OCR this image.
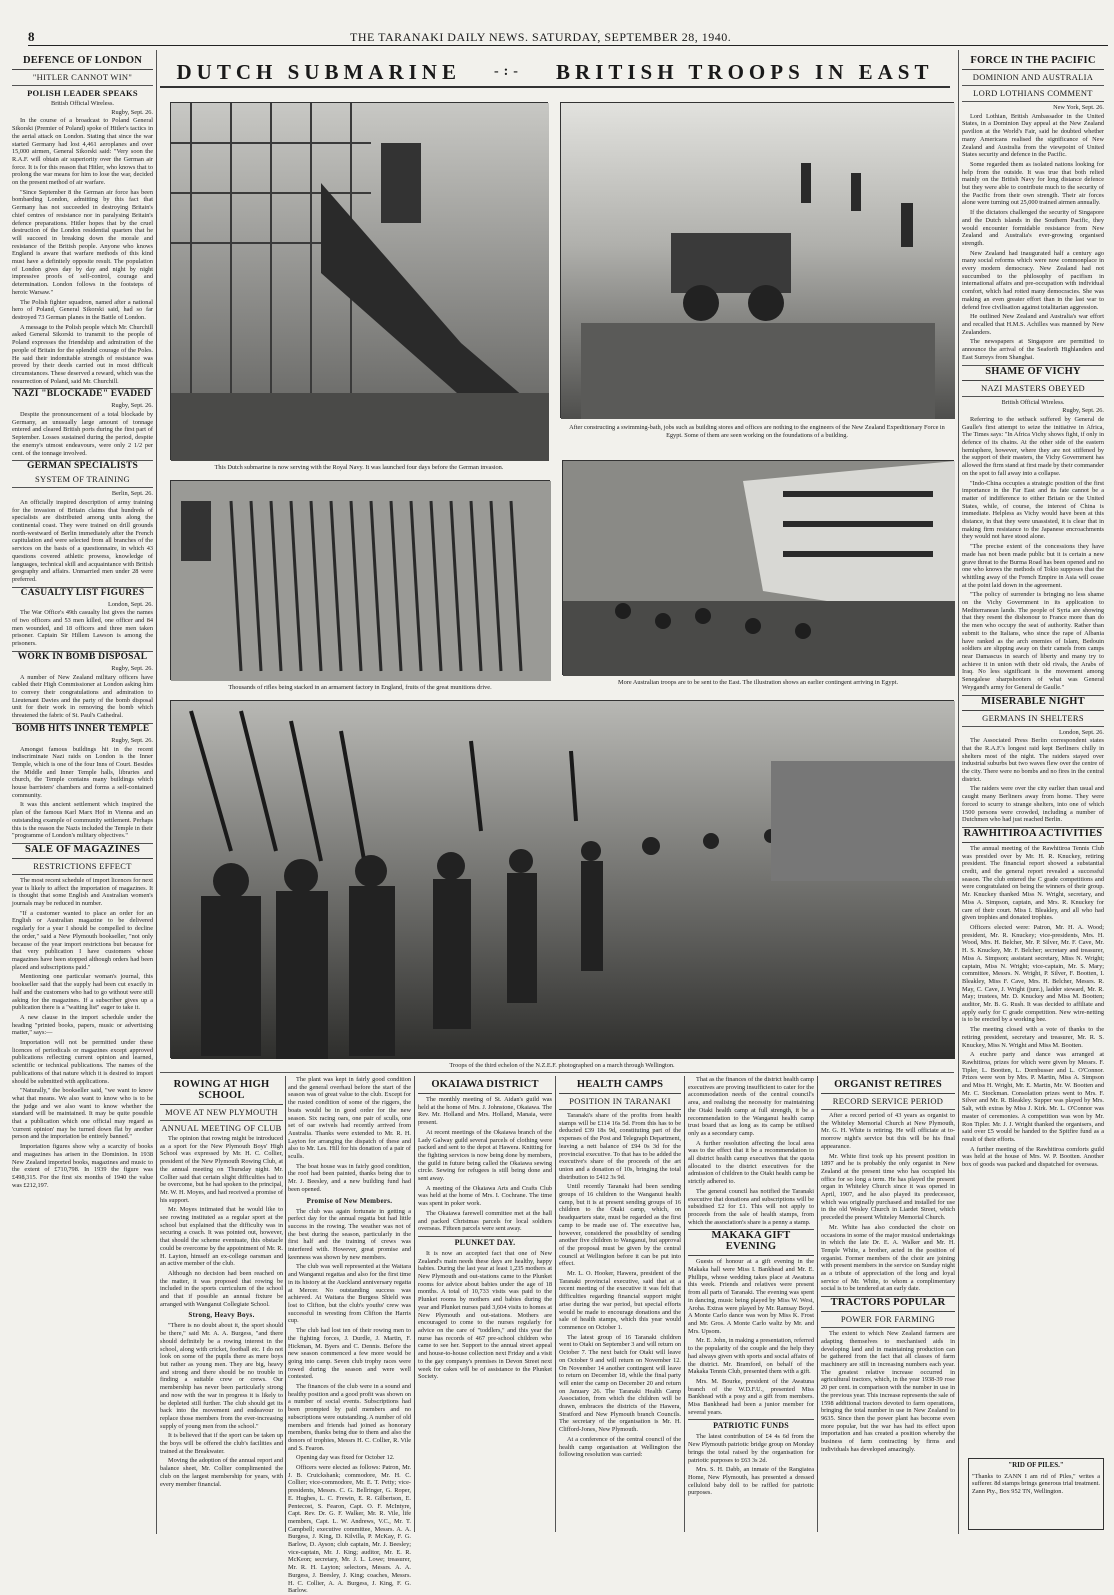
8	THE TARANAKI DAILY NEWS. SATURDAY, SEPTEMBER 28, 1940.
DEFENCE OF LONDON
"HITLER CANNOT WIN"
POLISH LEADER SPEAKS
British Official Wireless.
Rugby, Sept. 26.

In the course of a broadcast to Poland General Sikorski (Premier of Poland) spoke of Hitler's tactics in the aerial attack on London. Stating that since the war started Germany had lost 4,461 aeroplanes and over 15,000 airmen, General Sikorski said: "Very soon the R.A.F. will obtain air superiority over the German air force. It is for this reason that Hitler, who knows that to prolong the war means for him to lose the war, decided on the present method of air warfare.

"Since September 8 the German air force has been bombarding London, admitting by this fact that Germany has not succeeded in destroying Britain's chief centres of resistance nor in paralysing Britain's defence preparations. Hitler hopes that by the cruel destruction of the London residential quarters that he will succeed in breaking down the morale and resistance of the British people. Anyone who knows England is aware that warfare methods of this kind must have a definitely opposite result. The population of London gives day by day and night by night impressive proofs of self-control, courage and determination. London follows in the footsteps of heroic Warsaw."

The Polish fighter squadron, named after a national hero of Poland, General Sikorski said, had so far destroyed 73 German planes in the Battle of London.

A message to the Polish people which Mr. Churchill asked General Sikorski to transmit to the people of Poland expresses the friendship and admiration of the people of Britain for the splendid courage of the Poles. He said their indomitable strength of resistance was proved by their deeds carried out in most difficult circumstances. These deserved a reward, which was the resurrection of Poland, said Mr. Churchill.

NAZI "BLOCKADE" EVADED
Rugby, Sept. 26.

Despite the pronouncement of a total blockade by Germany, an unusually large amount of tonnage entered and cleared British ports during the first part of September. Losses sustained during the period, despite the enemy's utmost endeavours, were only 2 1/2 per cent. of the tonnage involved.

GERMAN SPECIALISTS
SYSTEM OF TRAINING
Berlin, Sept. 26.

An officially inspired description of army training for the invasion of Britain claims that hundreds of specialists are distributed among units along the continental coast. They were trained on drill grounds north-westward of Berlin immediately after the French capitulation and were selected from all branches of the services on the basis of a questionnaire, in which 43 questions covered athletic prowess, knowledge of languages, technical skill and acquaintance with British geography and affairs. Unmarried men under 28 were preferred.

CASUALTY LIST FIGURES
London, Sept. 26.

The War Office's 49th casualty list gives the names of two officers and 53 men killed, one officer and 84 men wounded, and 18 officers and three men taken prisoner. Captain Sir Hillem Lawson is among the prisoners.

WORK IN BOMB DISPOSAL
Rugby, Sept. 26.

A number of New Zealand military officers have cabled their High Commissioner at London asking him to convey their congratulations and admiration to Lieutenant Davies and the party of the bomb disposal unit for their work in removing the bomb which threatened the fabric of St. Paul's Cathedral.

BOMB HITS INNER TEMPLE
Rugby, Sept. 26.

Amongst famous buildings hit in the recent indiscriminate Nazi raids on London is the Inner Temple, which is one of the four Inns of Court. Besides the Middle and Inner Temple halls, libraries and church, the Temple contains many buildings which house barristers' chambers and forms a self-contained community.

It was this ancient settlement which inspired the plan of the famous Karl Marx Hof in Vienna and an outstanding example of community settlement. Perhaps this is the reason the Nazis included the Temple in their "programme of London's military objectives."

SALE OF MAGAZINES
RESTRICTIONS EFFECT

The most recent schedule of import licences for next year is likely to affect the importation of magazines. It is thought that some English and Australian women's journals may be reduced in number.

"If a customer wanted to place an order for an English or Australian magazine to be delivered regularly for a year I should be compelled to decline the order," said a New Plymouth bookseller, "not only because of the year import restrictions but because for that very publication I have customers whose magazines have been stopped although orders had been placed and subscriptions paid."

Mentioning one particular woman's journal, this bookseller said that the supply had been cut exactly in half and the customers who had to go without were still asking for the magazines. If a subscriber gives up a publication there is a "waiting list" eager to take it.

A new clause in the import schedule under the heading "printed books, papers, music or advertising matter," says:—

Importation will not be permitted under these licences of periodicals or magazines except approved publications reflecting current opinion and learned, scientific or technical publications. The names of the publications of that nature which it is desired to import should be submitted with applications.

"Naturally," the bookseller said, "we want to know what that means. We also want to know who is to be the judge and we also want to know whether the standard will be maintained. It may be quite possible that a publication which one official may regard as 'current opinion' may be turned down flat by another person and the importation be entirely banned."

Importation figures show why a scarcity of books and magazines has arisen in the Dominion. In 1938 New Zealand imported books, magazines and music to the extent of £710,798. In 1939 the figure was £498,315. For the first six months of 1940 the value was £212,197.

DUTCH SUBMARINE -:- BRITISH TROOPS IN EAST
This Dutch submarine is now serving with the Royal Navy. It was launched four days before the German invasion.
After constructing a swimming-bath, jobs such as building stores and offices are nothing to the engineers of the New Zealand Expeditionary Force in Egypt. Some of them are seen working on the foundations of a building.
Thousands of rifles being stacked in an armament factory in England, fruits of the great munitions drive.
More Australian troops are to be sent to the East. The illustration shows an earlier contingent arriving in Egypt.
Troops of the third echelon of the N.Z.E.F. photographed on a march through Wellington.
ROWING AT HIGH SCHOOL
MOVE AT NEW PLYMOUTH
ANNUAL MEETING OF CLUB

The opinion that rowing might be introduced as a sport for the New Plymouth Boys' High School was expressed by Mr. H. C. Collier, president of the New Plymouth Rowing Club, at the annual meeting on Thursday night. Mr. Collier said that certain slight difficulties had to be overcome, but he had spoken to the principal, Mr. W. H. Moyes, and had received a promise of his support.

Mr. Moyes intimated that he would like to see rowing instituted as a regular sport at the school but explained that the difficulty was in securing a coach. It was pointed out, however, that should the scheme eventuate, this obstacle could be overcome by the appointment of Mr. R. H. Layton, himself an ex-college oarsman and an active member of the club.

Although no decision had been reached on the matter, it was proposed that rowing be included in the sports curriculum of the school and that if possible an annual fixture be arranged with Wanganui Collegiate School.

Strong, Heavy Boys.

"There is no doubt about it, the sport should be there," said Mr. A. A. Burgess, "and there should definitely be a rowing interest in the school, along with cricket, football etc. I do not look on some of the pupils there as mere boys but rather as young men. They are big, heavy and strong and there should be no trouble in finding a suitable crew or crews. Our membership has never been particularly strong and now with the war in progress it is likely to be depleted still further. The club should get its back into the movement and endeavour to replace those members from the ever-increasing supply of young men from the school."

It is believed that if the sport can be taken up the boys will be offered the club's facilities and trained at the Breakwater.

Moving the adoption of the annual report and balance sheet, Mr. Collier complimented the club on the largest membership for years, with every member financial.

The plant was kept in fairly good condition and the general overhaul before the start of the season was of great value to the club. Except for the rusted condition of some of the riggers, the boats would be in good order for the new season. Six racing oars, one pair of sculls, one set of oar swivels had recently arrived from Australia. Thanks were extended to Mr. R. H. Layton for arranging the dispatch of these and also to Mr. Les. Hill for his donation of a pair of sculls.

The boat house was in fairly good condition, the roof had been painted, thanks being due to Mr. J. Beesley, and a new building fund had been opened.

Promise of New Members.

The club was again fortunate in getting a perfect day for the annual regatta but had little success in the rowing. The weather was not of the best during the season, particularly in the first half and the training of crews was interfered with. However, great promise and keenness was shown by new members.

The club was well represented at the Waitara and Wanganui regattas and also for the first time in its history at the Auckland anniversary regatta at Mercer. No outstanding success was achieved. At Waitara the Burgess Shield was lost to Clifton, but the club's youths' crew was successful in wresting from Clifton the Harris cup.

The club had lost ten of their rowing men to the fighting forces, J. Durdle, J. Martin, F. Hickman, M. Byers and C. Dennis. Before the new season commenced a few more would be going into camp. Seven club trophy races were rowed during the season and were well contested.

The finances of the club were in a sound and healthy position and a good profit was shown on a number of social events. Subscriptions had been prompted by paid members and no subscriptions were outstanding. A number of old members and friends had joined as honorary members, thanks being due to them and also the donors of trophies, Messrs H. C. Collier, R. Vile and S. Fearon.

Opening day was fixed for October 12.

Officers were elected as follows: Patron, Mr. J. B. Cruickshank; commodore, Mr. H. C. Collier; vice-commodore, Mr. E. T. Petty; vice-presidents, Messrs. C. G. Bellringer, G. Roper, E. Hughes, L. C. Frewin, E. R. Gilbertson, E. Pentecost, S. Fearon, Capt. O. F. McIntyre, Capt. Rev. Dr. G. F. Walker, Mr. R. Vile, life members, Capt. L. W. Andrews, V.C., Mr. T. Campbell; executive committee, Messrs. A. A. Burgess, J. King, D. Kilvilla, P. McKay, F. G. Barlow, D. Ayson; club captain, Mr. J. Beesley; vice-captain, Mr. J. King; auditor, Mr. E. R. McKeon; secretary, Mr. J. L. Lowe; treasurer, Mr. R. H. Layton; selectors, Messrs. A. A. Burgess, J. Beesley, J. King; coaches, Messrs. H. C. Collier, A. A. Burgess, J. King, F. G. Barlow.

OKAIAWA DISTRICT

The monthly meeting of St. Aidan's guild was held at the home of Mrs. J. Johnstone, Okaiawa. The Rev. Mr. Holland and Mrs. Holland, Manaia, were present.

At recent meetings of the Okaiawa branch of the Lady Galway guild several parcels of clothing were packed and sent to the depot at Hawera. Knitting for the fighting services is now being done by members, the guild in future being called the Okaiawa sewing circle. Sewing for refugees is still being done and sent away.

A meeting of the Okaiawa Arts and Crafts Club was held at the home of Mrs. I. Cochrane. The time was spent in poker work.

The Okaiawa farewell committee met at the hall and packed Christmas parcels for local soldiers overseas. Fifteen parcels were sent away.

PLUNKET DAY.

It is now an accepted fact that one of New Zealand's main needs these days are healthy, happy babies. During the last year at least 1,235 mothers at New Plymouth and out-stations came to the Plunket rooms for advice about babies under the age of 18 months. A total of 10,733 visits was paid to the Plunket rooms by mothers and babies during the year and Plunket nurses paid 3,604 visits to homes at New Plymouth and out-stations. Mothers are encouraged to come to the nurses regularly for advice on the care of "toddlers," and this year the nurse has records of 467 pre-school children who came to see her. Support to the annual street appeal and house-to-house collection next Friday and a visit to the gay company's premises in Devon Street next week for cakes will be of assistance to the Plunket Society.

HEALTH CAMPS
POSITION IN TARANAKI

Taranaki's share of the profits from health stamps will be £114 16s 5d. From this has to be deducted £39 18s 9d, constituting part of the expenses of the Post and Telegraph Department, leaving a nett balance of £94 0s 3d for the provincial executive. To that has to be added the executive's share of the proceeds of the art union and a donation of 10s, bringing the total distribution to £412 3s 9d.

Until recently Taranaki had been sending groups of 16 children to the Wanganui health camp, but it is at present sending groups of 16 children to the Otaki camp, which, on headquarters state, must be regarded as the first camp to be made use of. The executive has, however, considered the possibility of sending another five children to Wanganui, but approval of the proposal must be given by the central council at Wellington before it can be put into effect.

Mr. L. O. Hooker, Hawera, president of the Taranaki provincial executive, said that at a recent meeting of the executive it was felt that difficulties regarding financial support might arise during the war period, but special efforts would be made to encourage donations and the sale of health stamps, which this year would commence on October 1.

The latest group of 16 Taranaki children went to Otaki on September 3 and will return on October 7. The next batch for Otaki will leave on October 9 and will return on November 12. On November 14 another contingent will leave to return on December 18, while the final party will enter the camp on December 20 and return on January 26. The Taranaki Health Camp Association, from which the children will be drawn, embraces the districts of the Hawera, Stratford and New Plymouth branch Councils. The secretary of the organisation is Mr. H. Clifford-Jones, New Plymouth.

At a conference of the central council of the health camp organisation at Wellington the following resolution was carried:

That as the finances of the district health camp executives are proving insufficient to cater for the accommodation needs of the central council's area, and realising the necessity for maintaining the Otaki health camp at full strength, it be a recommendation to the Wanganui health camp trust board that as long as its camp be utilised only as a secondary camp.

A further resolution affecting the local area was to the effect that it be a recommendation to all district health camp executives that the quota allocated to the district executives for the admission of children to the Otaki health camp be strictly adhered to.

The general council has notified the Taranaki executive that donations and subscriptions will be subsidised £2 for £1. This will not apply to proceeds from the sale of health stamps, from which the association's share is a penny a stamp.

MAKAKA GIFT EVENING

Guests of honour at a gift evening in the Makaka hall were Miss I. Bankhead and Mr. E. Phillips, whose wedding takes place at Awatuna this week. Friends and relatives were present from all parts of Taranaki. The evening was spent in dancing, music being played by Miss W. West, Aroha. Extras were played by Mr. Ramsay Boyd. A Monte Carlo dance was won by Miss K. Frost and Mr. Gros. A Monte Carlo waltz by Mr. and Mrs. Upsom.

Mr. E. John, in making a presentation, referred to the popularity of the couple and the help they had always given with sports and social affairs of the district. Mr. Bramford, on behalf of the Makaka Tennis Club, presented them with a gift.

Mrs. M. Bourke, president of the Awatuna branch of the W.D.F.U., presented Miss Bankhead with a posy and a gift from members. Miss Bankhead had been a junior member for several years.

PATRIOTIC FUNDS

The latest contribution of £4 4s 6d from the New Plymouth patriotic bridge group on Monday brings the total raised by the organisation for patriotic purposes to £63 3s 2d.

Mrs. S. H. Dabb, an inmate of the Rangiatea Home, New Plymouth, has presented a dressed celluloid baby doll to be raffled for patriotic purposes.

ORGANIST RETIRES
RECORD SERVICE PERIOD

After a record period of 43 years as organist to the Whiteley Memorial Church at New Plymouth, Mr. G. H. White is retiring. He will officiate at to-morrow night's service but this will be his final appearance.

Mr. White first took up his present position in 1897 and he is probably the only organist in New Zealand at the present time who has occupied his office for so long a term. He has played the present organ in Whiteley Church since it was opened in April, 1907, and he also played its predecessor, which was originally purchased and installed for use in the old Wesley Church in Liardet Street, which preceded the present Whiteley Memorial Church.

Mr. White has also conducted the choir on occasions in some of the major musical undertakings in which the late Dr. E. A. Walker and Mr. H. Temple White, a brother, acted in the position of organist. Former members of the choir are joining with present members in the service on Sunday night as a tribute of appreciation of the long and loyal service of Mr. White, to whom a complimentary social is to be tendered at an early date.

TRACTORS POPULAR
POWER FOR FARMING

The extent to which New Zealand farmers are adapting themselves to mechanised aids in developing land and in maintaining production can be gathered from the fact that all classes of farm machinery are still in increasing numbers each year. The greatest relative increase occurred in agricultural tractors, which, in the year 1938-39 rose 20 per cent. in comparison with the number in use in the previous year. This increase represents the sale of 1598 additional tractors devoted to farm operations, bringing the total number in use in New Zealand to 9635. Since then the power plant has become even more popular, but the war has had its effect upon importation and has created a position whereby the business of farm contracting by firms and individuals has developed amazingly.

FORCE IN THE PACIFIC
DOMINION AND AUSTRALIA
LORD LOTHIANS COMMENT
New York, Sept. 26.

Lord Lothian, British Ambassador in the United States, in a Dominion Day appeal at the New Zealand pavilion at the World's Fair, said he doubted whether many Americans realised the significance of New Zealand and Australia from the viewpoint of United States security and defence in the Pacific.

Some regarded them as isolated nations looking for help from the outside. It was true that both relied mainly on the British Navy for long distance defence but they were able to contribute much to the security of the Pacific from their own strength. Their air forces alone were turning out 25,000 trained airmen annually.

If the dictators challenged the security of Singapore and the Dutch islands in the Southern Pacific, they would encounter formidable resistance from New Zealand and Australia's ever-growing organised strength.

New Zealand had inaugurated half a century ago many social reforms which were now commonplace in every modern democracy. New Zealand had not succumbed to the philosophy of pacifism in international affairs and pre-occupation with individual comfort, which had rotted many democracies. She was making an even greater effort than in the last war to defend free civilisation against totalitarian aggression.

He outlined New Zealand and Australia's war effort and recalled that H.M.S. Achilles was manned by New Zealanders.

The newspapers at Singapore are permitted to announce the arrival of the Seaforth Highlanders and East Surreys from Shanghai.

SHAME OF VICHY
NAZI MASTERS OBEYED
British Official Wireless.
Rugby, Sept. 26.

Referring to the setback suffered by General de Gaulle's first attempt to seize the initiative in Africa, The Times says: "In Africa Vichy shows fight, if only in defence of its chains. At the other side of the eastern hemisphere, however, where they are not stiffened by the support of their masters, the Vichy Government has allowed the firm stand at first made by their commander on the spot to fall away into a collapse.

"Indo-China occupies a strategic position of the first importance in the Far East and its fate cannot be a matter of indifference to either Britain or the United States, while, of course, the interest of China is immediate. Helpless as Vichy would have been at this distance, in that they were unassisted, it is clear that in making firm resistance to the Japanese encroachments they would not have stood alone.

"The precise extent of the concessions they have made has not been made public but it is certain a new grave threat to the Burma Road has been opened and no one who knows the methods of Tokio supposes that the whittling away of the French Empire in Asia will cease at the point laid down in the agreement.

"The policy of surrender is bringing no less shame on the Vichy Government in its application to Mediterranean lands. The people of Syria are showing that they resent the dishonour to France more than do the men who occupy the seat of authority. Rather than submit to the Italians, who since the rape of Albania have ranked as the arch enemies of Islam, Bedouin soldiers are slipping away on their camels from camps near Damascus in search of liberty and many try to achieve it in union with their old rivals, the Arabs of Iraq. No less significant is the movement among Senegalese sharpshooters of what was General Weygand's army for General de Gaulle."

MISERABLE NIGHT
GERMANS IN SHELTERS
London, Sept. 26.

The Associated Press Berlin correspondent states that the R.A.F.'s longest raid kept Berliners chilly in shelters most of the night. The raiders stayed over industrial suburbs but two waves flew over the centre of the city. There were no bombs and no fires in the central district.

The raiders were over the city earlier than usual and caught many Berliners away from home. They were forced to scurry to strange shelters, into one of which 1500 persons were crowded, including a number of Dutchmen who had just reached Berlin.

RAWHITIROA ACTIVITIES

The annual meeting of the Rawhitiroa Tennis Club was presided over by Mr. H. R. Knuckey, retiring president. The financial report showed a substantial credit, and the general report revealed a successful season. The club entered the C grade competitions and were congratulated on being the winners of their group. Mr. Knuckey thanked Miss N. Wright, secretary, and Miss A. Simpson, captain, and Mrs. R. Knuckey for care of their court. Miss I. Bleakley, and all who had given trophies and donated trophies.

Officers elected were: Patron, Mr. H. A. Wood; president, Mr. R. Knuckey; vice-presidents, Mrs. H. Wood, Mrs. H. Belcher, Mr. P. Silver, Mr. F. Cave, Mr. H. S. Knuckey, Mr. F. Belcher; secretary and treasurer, Miss A. Simpson; assistant secretary, Miss N. Wright; captain, Miss N. Wright; vice-captain, Mr. S. Mary; committee, Messrs. N. Wright, P. Silver, F. Bootten, I. Bleakley, Miss F. Cave, Mrs. H. Belcher, Messrs. R. May, C. Cave, J. Wright (junr.), ladder steward, Mr. R. May; trustees, Mr. D. Knuckey and Miss M. Bootten; auditor, Mr. B. G. Rush. It was decided to affiliate and apply early for C grade competition. New wire-netting is to be erected by a working bee.

The meeting closed with a vote of thanks to the retiring president, secretary and treasurer, Mr. R. S. Knuckey, Miss N. Wright and Miss M. Bootten.

A euchre party and dance was arranged at Rawhitiroa, prizes for which were given by Messrs. F. Tipler, L. Bootten, L. Dornbusser and L. O'Connor. Prizes were won by Mrs. P. Martin, Miss A. Simpson and Miss H. Wright, Mr. E. Martin, Mr. W. Bootten and Mr. C. Stockman. Consolation prizes went to Mrs. F. Silver and Mr. R. Bleakley. Supper was played by Mrs. Salt, with extras by Miss J. Kirk. Mr. L. O'Connor was master of ceremonies. A competition was won by Mr. Ron Tipler. Mr. J. J. Wright thanked the organisers, and said over £5 would be handed to the Spitfire fund as a result of their efforts.

A further meeting of the Rawhitiroa comforts guild was held at the house of Mrs. W. P. Bootten. Another box of goods was packed and dispatched for overseas.

"RID OF PILES."
"Thanks to ZANN I am rid of Piles," writes a sufferer. 8d stamps brings generous trial treatment. Zann Pty., Box 952 TN, Wellington.
